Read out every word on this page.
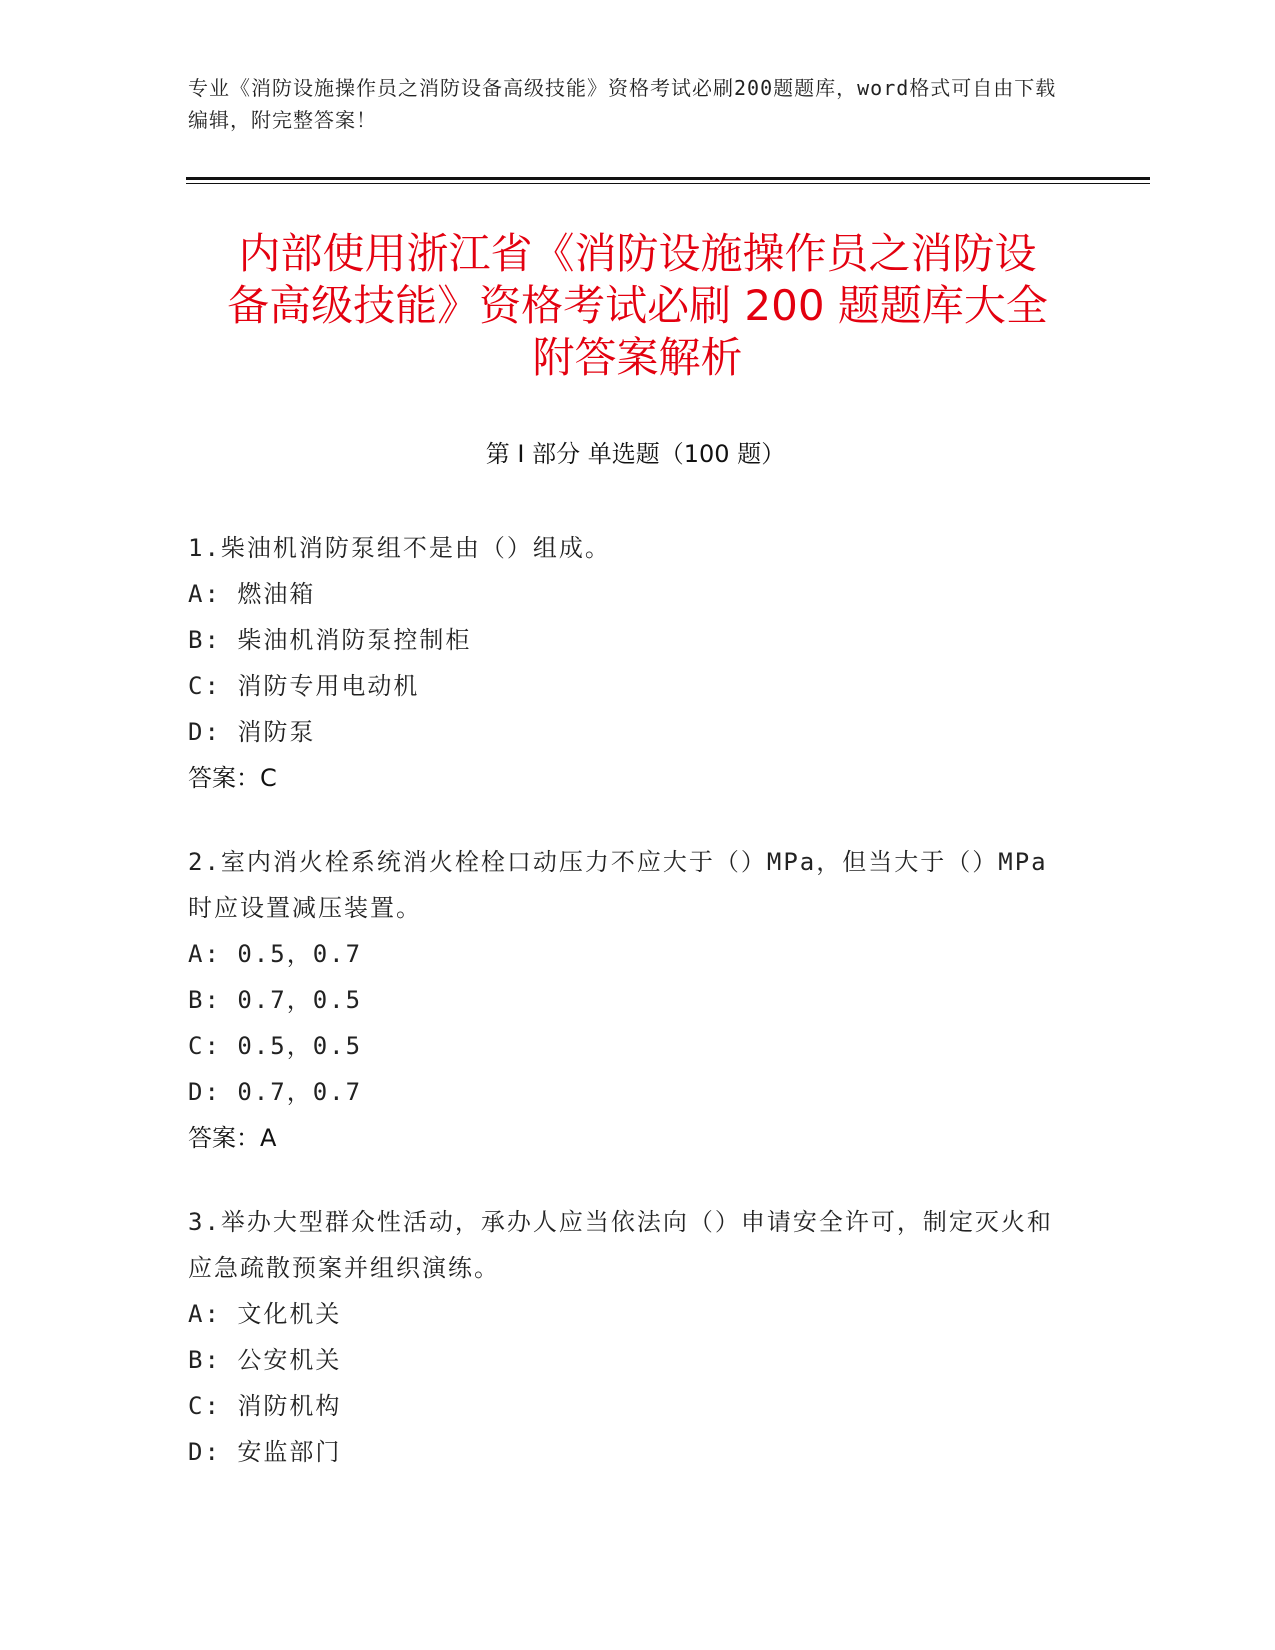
专业《消防设施操作员之消防设备高级技能》资格考试必刷200题题库，word格式可自由下载编辑，附完整答案！
内部使用浙江省《消防设施操作员之消防设
备高级技能》资格考试必刷 200 题题库大全
附答案解析
第 I 部分 单选题（100 题）
1.柴油机消防泵组不是由（）组成。
A: 燃油箱
B: 柴油机消防泵控制柜
C: 消防专用电动机
D: 消防泵
答案：C
2.室内消火栓系统消火栓栓口动压力不应大于（）MPa，但当大于（）MPa时应设置减压装置。
A: 0.5，0.7
B: 0.7，0.5
C: 0.5，0.5
D: 0.7，0.7
答案：A
3.举办大型群众性活动，承办人应当依法向（）申请安全许可，制定灭火和应急疏散预案并组织演练。
A: 文化机关
B: 公安机关
C: 消防机构
D: 安监部门
